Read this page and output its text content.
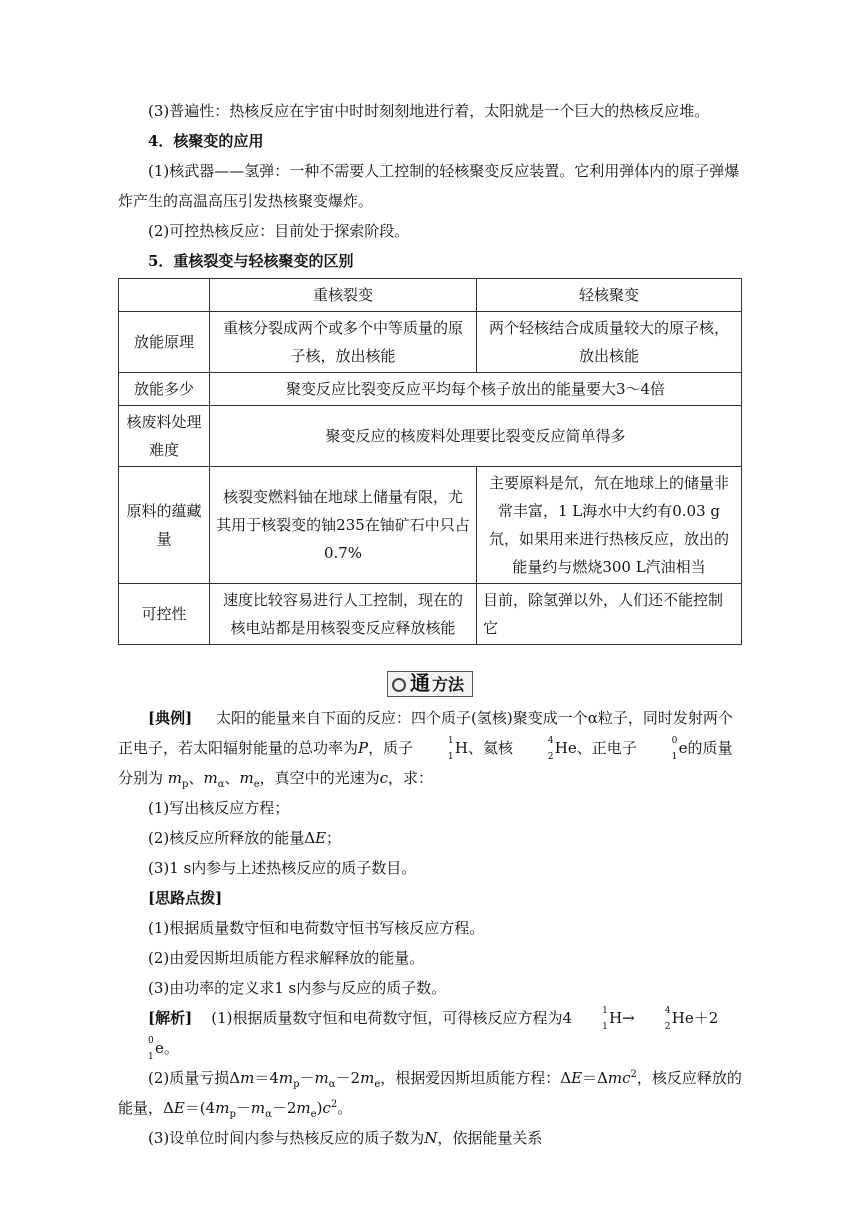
(3)普遍性：热核反应在宇宙中时时刻刻地进行着，太阳就是一个巨大的热核反应堆。

4．核聚变的应用

(1)核武器——氢弹：一种不需要人工控制的轻核聚变反应装置。它利用弹体内的原子弹爆炸产生的高温高压引发热核聚变爆炸。

(2)可控热核反应：目前处于探索阶段。

5．重核裂变与轻核聚变的区别

	重核裂变	轻核聚变
放能原理	重核分裂成两个或多个中等质量的原子核，放出核能	两个轻核结合成质量较大的原子核，放出核能
放能多少	聚变反应比裂变反应平均每个核子放出的能量要大3～4倍	
核废料处理难度	聚变反应的核废料处理要比裂变反应简单得多	
原料的蕴藏量	核裂变燃料铀在地球上储量有限，尤其用于核裂变的铀235在铀矿石中只占0.7%	主要原料是氘，氘在地球上的储量非常丰富，1 L海水中大约有0.03 g氘，如果用来进行热核反应，放出的能量约与燃烧300 L汽油相当
可控性	速度比较容易进行人工控制，现在的核电站都是用核裂变反应释放核能	目前，除氢弹以外，人们还不能控制它
通 方法

[典例] 太阳的能量来自下面的反应：四个质子(氢核)聚变成一个α粒子，同时发射两个正电子，若太阳辐射能量的总功率为P，质子	1
1 H、氦核	4
2 He、正电子	0
1 e的质量分别为 $m_p$、$m_\alpha$、$m_e$，真空中的光速为c，求：

(1)写出核反应方程；

(2)核反应所释放的能量ΔE；

(3)1 s内参与上述热核反应的质子数目。

[思路点拨]

(1)根据质量数守恒和电荷数守恒书写核反应方程。

(2)由爱因斯坦质能方程求解释放的能量。

(3)由功率的定义求1 s内参与反应的质子数。

[解析] (1)根据质量数守恒和电荷数守恒，可得核反应方程为4	1
1 H→	4
2 He＋2
0
1 e。

(2)质量亏损$\Delta m=4m_p-m_\alpha-2m_e$，根据爱因斯坦质能方程：ΔE＝Δmc$^2$，核反应释放的能量，$\Delta E=(4m_p-m_\alpha-2m_e)c^2$。

(3)设单位时间内参与热核反应的质子数为N，依据能量关系
